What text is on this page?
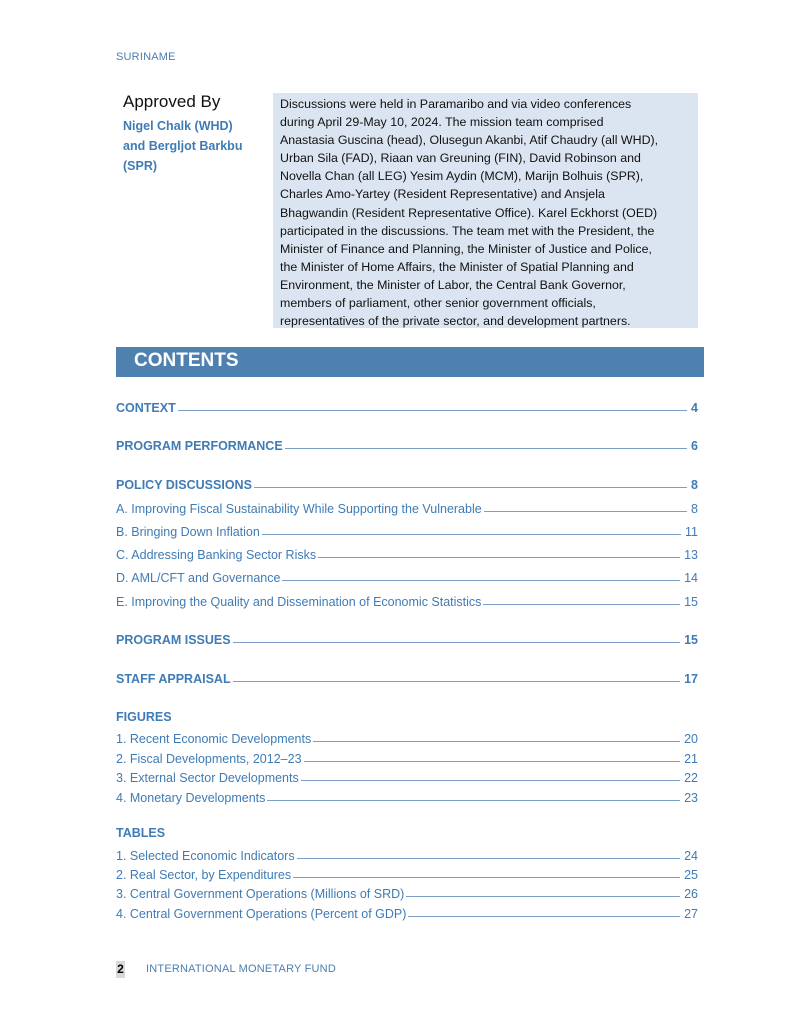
SURINAME
Approved By
Nigel Chalk (WHD)
and Bergljot Barkbu
(SPR)
Discussions were held in Paramaribo and via video conferences
during April 29-May 10, 2024. The mission team comprised
Anastasia Guscina (head), Olusegun Akanbi, Atif Chaudry (all WHD),
Urban Sila (FAD), Riaan van Greuning (FIN), David Robinson and
Novella Chan (all LEG) Yesim Aydin (MCM), Marijn Bolhuis (SPR),
Charles Amo-Yartey (Resident Representative) and Ansjela
Bhagwandin (Resident Representative Office). Karel Eckhorst (OED)
participated in the discussions. The team met with the President, the
Minister of Finance and Planning, the Minister of Justice and Police,
the Minister of Home Affairs, the Minister of Spatial Planning and
Environment, the Minister of Labor, the Central Bank Governor,
members of parliament, other senior government officials,
representatives of the private sector, and development partners.
CONTENTS
CONTEXT	4
PROGRAM PERFORMANCE	6
POLICY DISCUSSIONS	8
A. Improving Fiscal Sustainability While Supporting the Vulnerable	8
B. Bringing Down Inflation	11
C. Addressing Banking Sector Risks	13
D. AML/CFT and Governance	14
E. Improving the Quality and Dissemination of Economic Statistics	15
PROGRAM ISSUES	15
STAFF APPRAISAL	17
FIGURES
1. Recent Economic Developments	20
2. Fiscal Developments, 2012–23	21
3. External Sector Developments	22
4. Monetary Developments	23
TABLES
1. Selected Economic Indicators	24
2. Real Sector, by Expenditures	25
3. Central Government Operations (Millions of SRD)	26
4. Central Government Operations (Percent of GDP)	27
2 INTERNATIONAL MONETARY FUND
